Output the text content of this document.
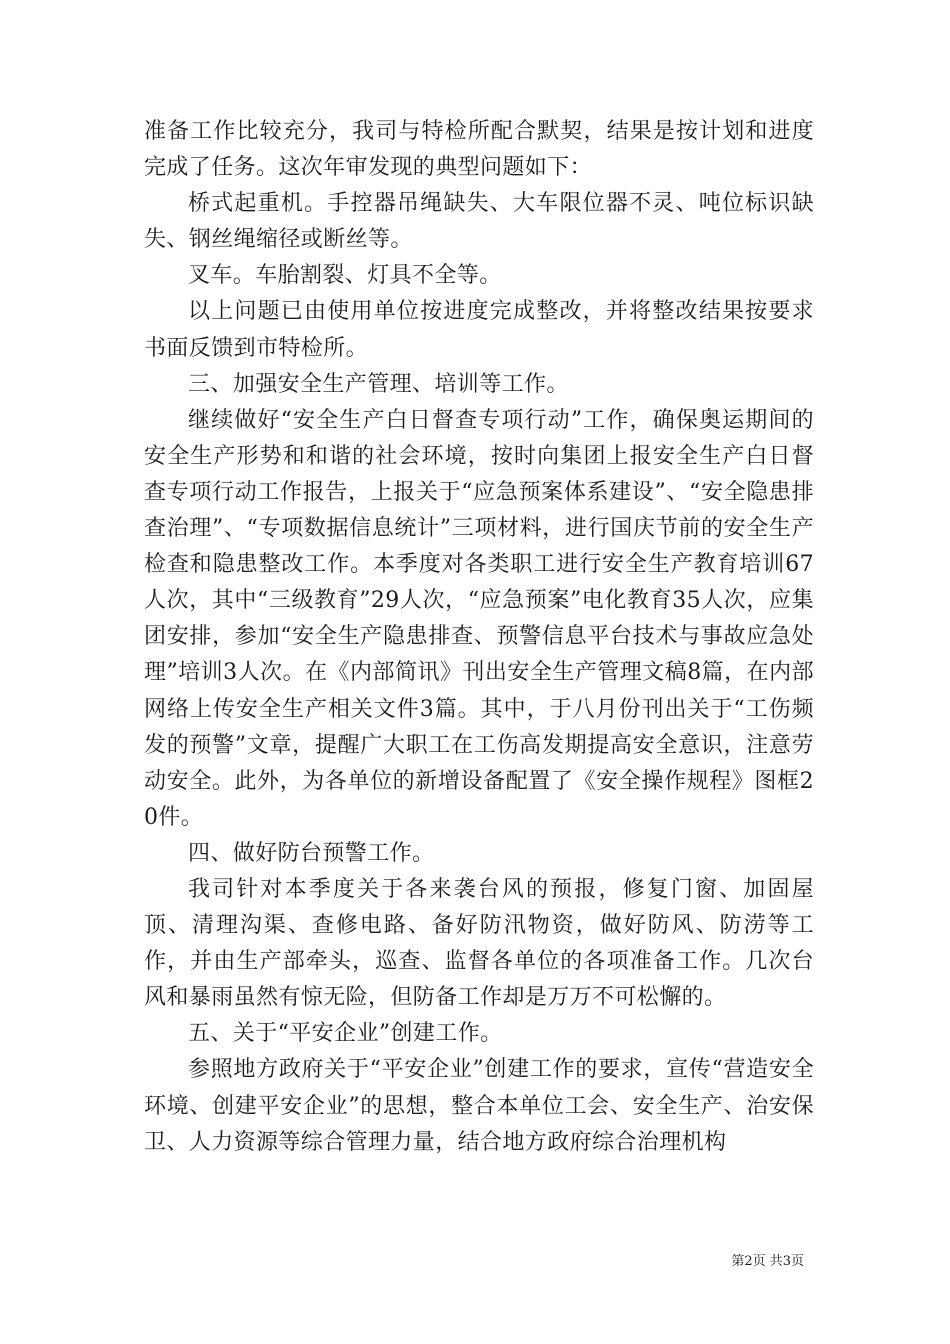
准备工作比较充分，我司与特检所配合默契，结果是按计划和进度完成了任务。这次年审发现的典型问题如下：

桥式起重机。手控器吊绳缺失、大车限位器不灵、吨位标识缺失、钢丝绳缩径或断丝等。

叉车。车胎割裂、灯具不全等。

以上问题已由使用单位按进度完成整改，并将整改结果按要求书面反馈到市特检所。

三、加强安全生产管理、培训等工作。

继续做好“安全生产白日督查专项行动”工作，确保奥运期间的安全生产形势和和谐的社会环境，按时向集团上报安全生产白日督查专项行动工作报告，上报关于“应急预案体系建设”、“安全隐患排查治理”、“专项数据信息统计”三项材料，进行国庆节前的安全生产检查和隐患整改工作。本季度对各类职工进行安全生产教育培训67人次，其中“三级教育”29人次，“应急预案”电化教育35人次，应集团安排，参加“安全生产隐患排查、预警信息平台技术与事故应急处理”培训3人次。在《内部简讯》刊出安全生产管理文稿8篇，在内部网络上传安全生产相关文件3篇。其中，于八月份刊出关于“工伤频发的预警”文章，提醒广大职工在工伤高发期提高安全意识，注意劳动安全。此外，为各单位的新增设备配置了《安全操作规程》图框20件。

四、做好防台预警工作。

我司针对本季度关于各来袭台风的预报，修复门窗、加固屋顶、清理沟渠、查修电路、备好防汛物资，做好防风、防涝等工作，并由生产部牵头，巡查、监督各单位的各项准备工作。几次台风和暴雨虽然有惊无险，但防备工作却是万万不可松懈的。

五、关于“平安企业”创建工作。

参照地方政府关于“平安企业”创建工作的要求，宣传“营造安全环境、创建平安企业”的思想，整合本单位工会、安全生产、治安保卫、人力资源等综合管理力量，结合地方政府综合治理机构

第2页 共3页
